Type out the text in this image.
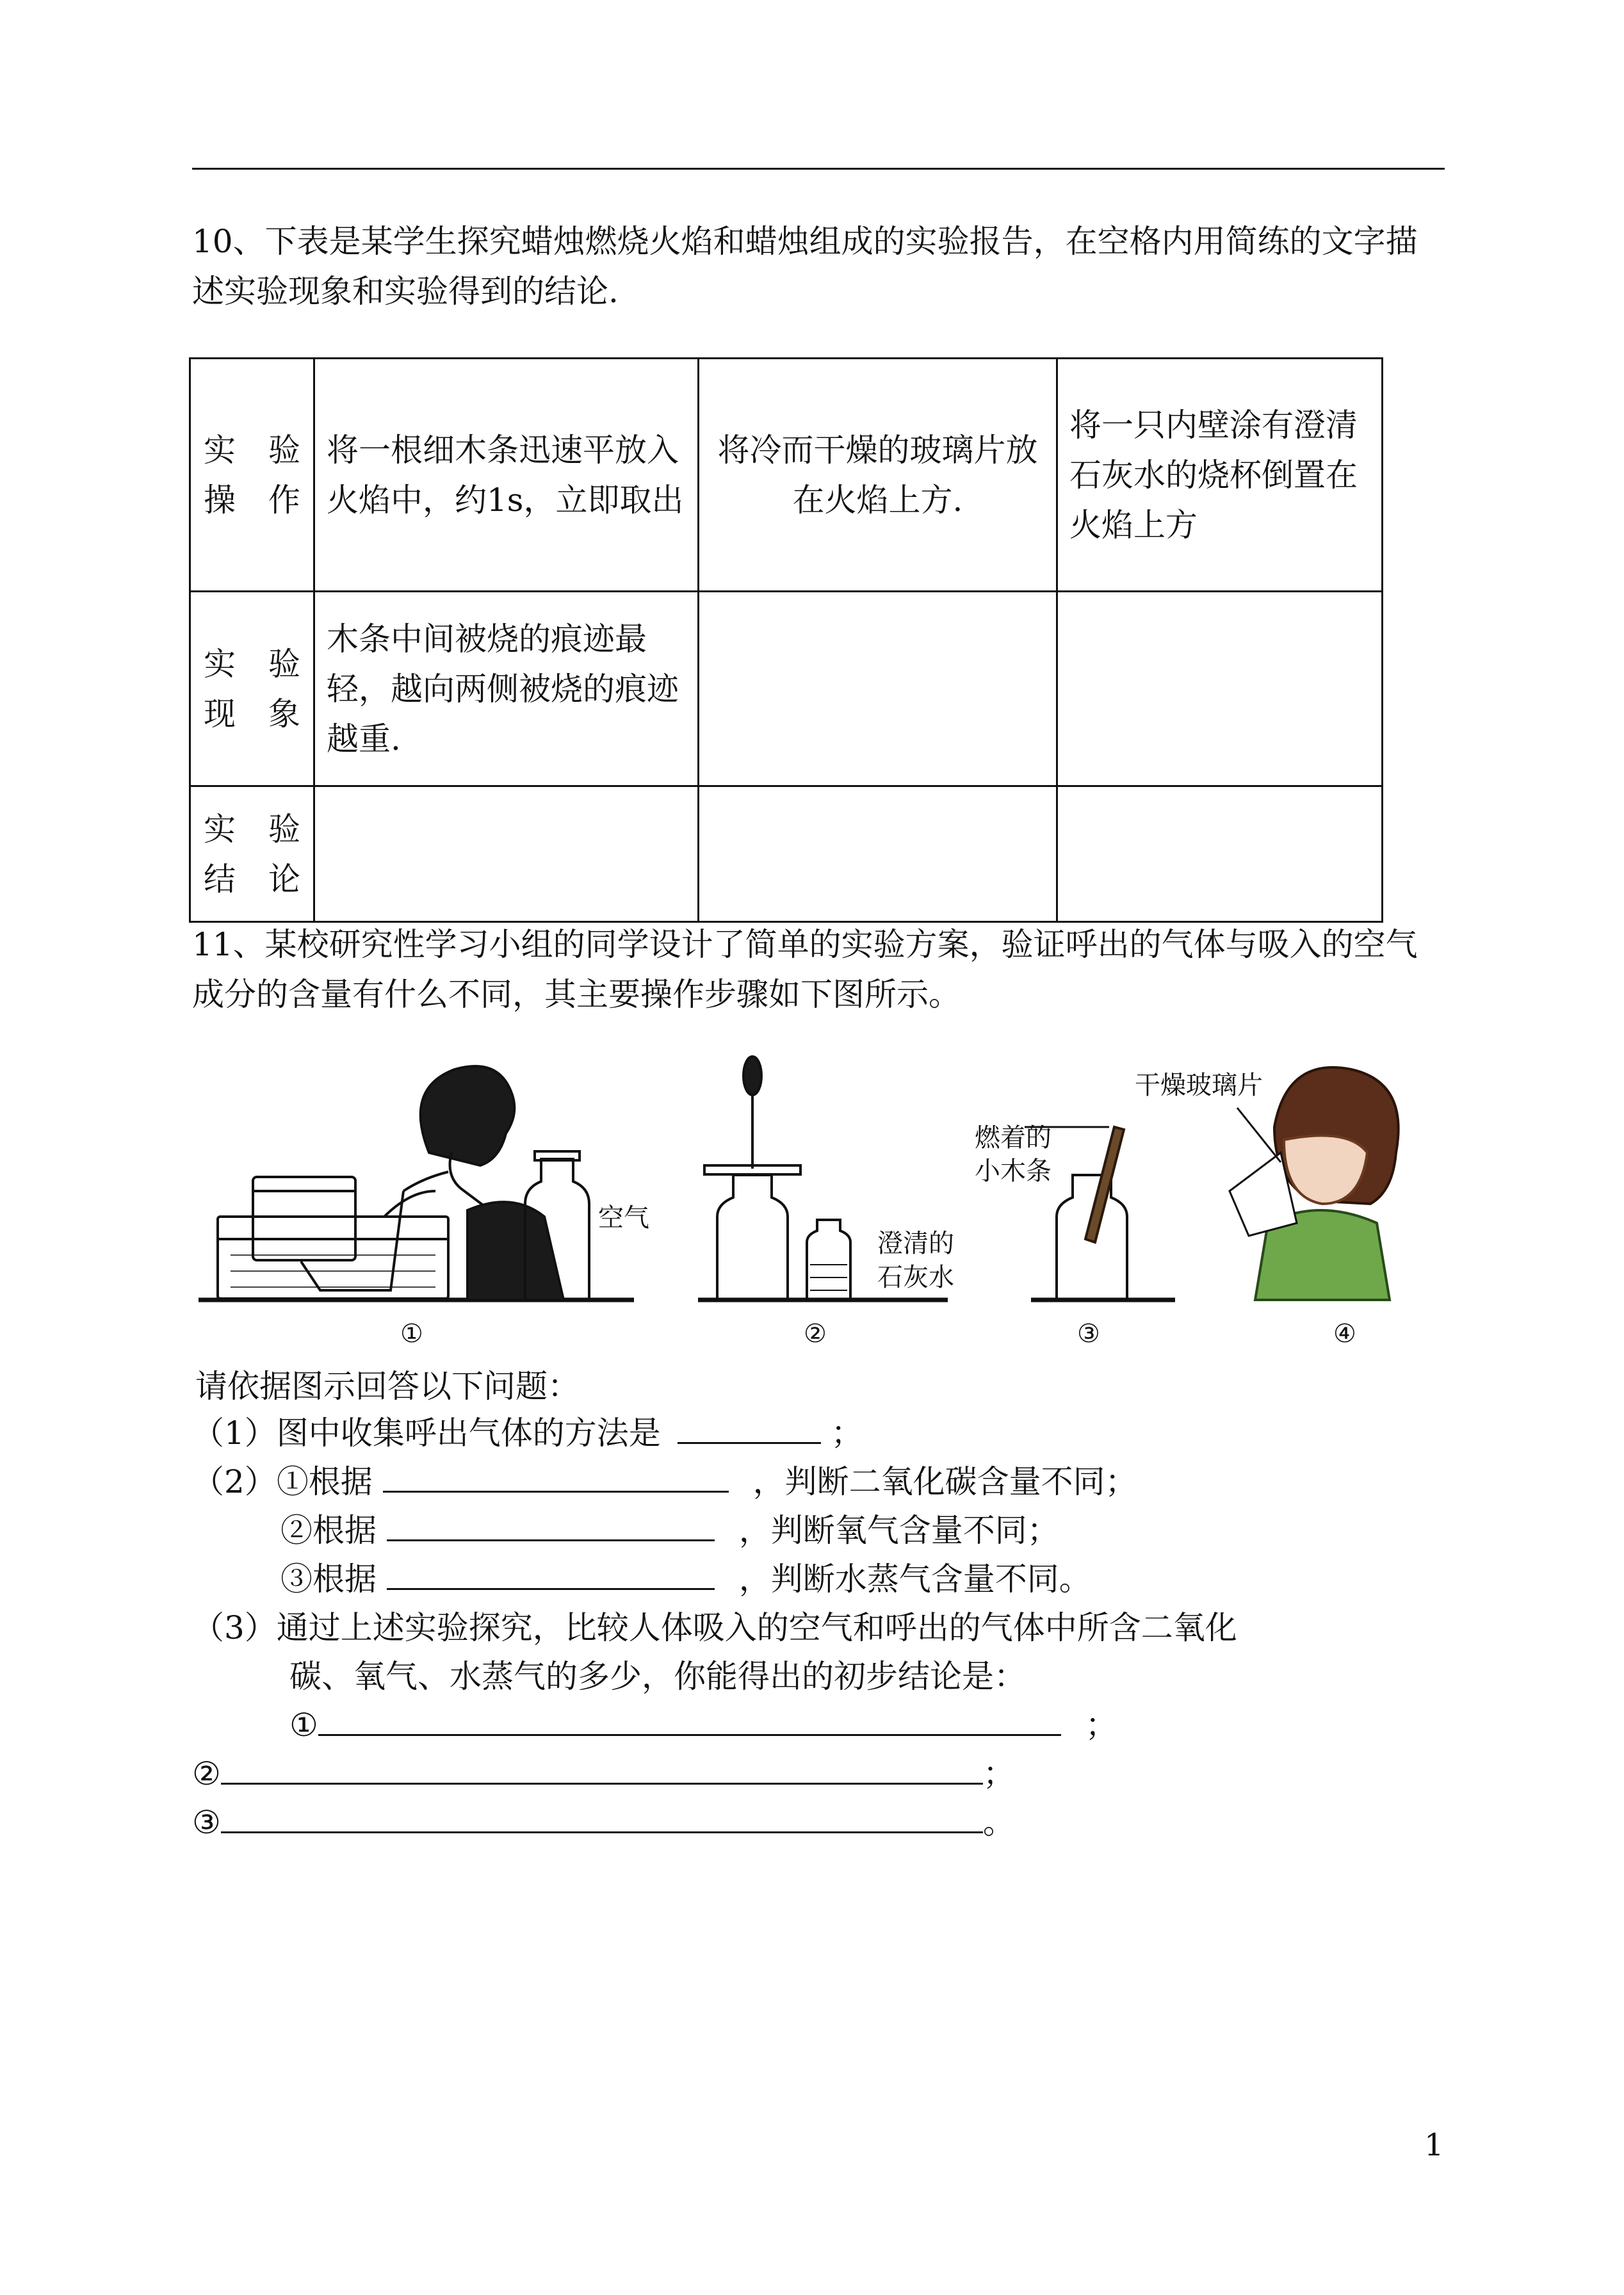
10、下表是某学生探究蜡烛燃烧火焰和蜡烛组成的实验报告，在空格内用简练的文字描述实验现象和实验得到的结论.
实 验 操 作	将一根细木条迅速平放入火焰中，约1s，立即取出	将冷而干燥的玻璃片放在火焰上方.	将一只内壁涂有澄清石灰水的烧杯倒置在火焰上方
实 验 现 象	木条中间被烧的痕迹最轻，越向两侧被烧的痕迹越重.		
实 验 结 论			
11、某校研究性学习小组的同学设计了简单的实验方案，验证呼出的气体与吸入的空气成分的含量有什么不同，其主要操作步骤如下图所示。
空气
澄清的
石灰水
燃着的
小木条
干燥玻璃片
①	②	③	④
请依据图示回答以下问题：
（1）图中收集呼出气体的方法是	；
（2）①根据	，判断二氧化碳含量不同；
②根据	，判断氧气含量不同；
③根据	，判断水蒸气含量不同。
（3）通过上述实验探究，比较人体吸入的空气和呼出的气体中所含二氧化
碳、氧气、水蒸气的多少，你能得出的初步结论是：
①	；
②	；
③	。
1
